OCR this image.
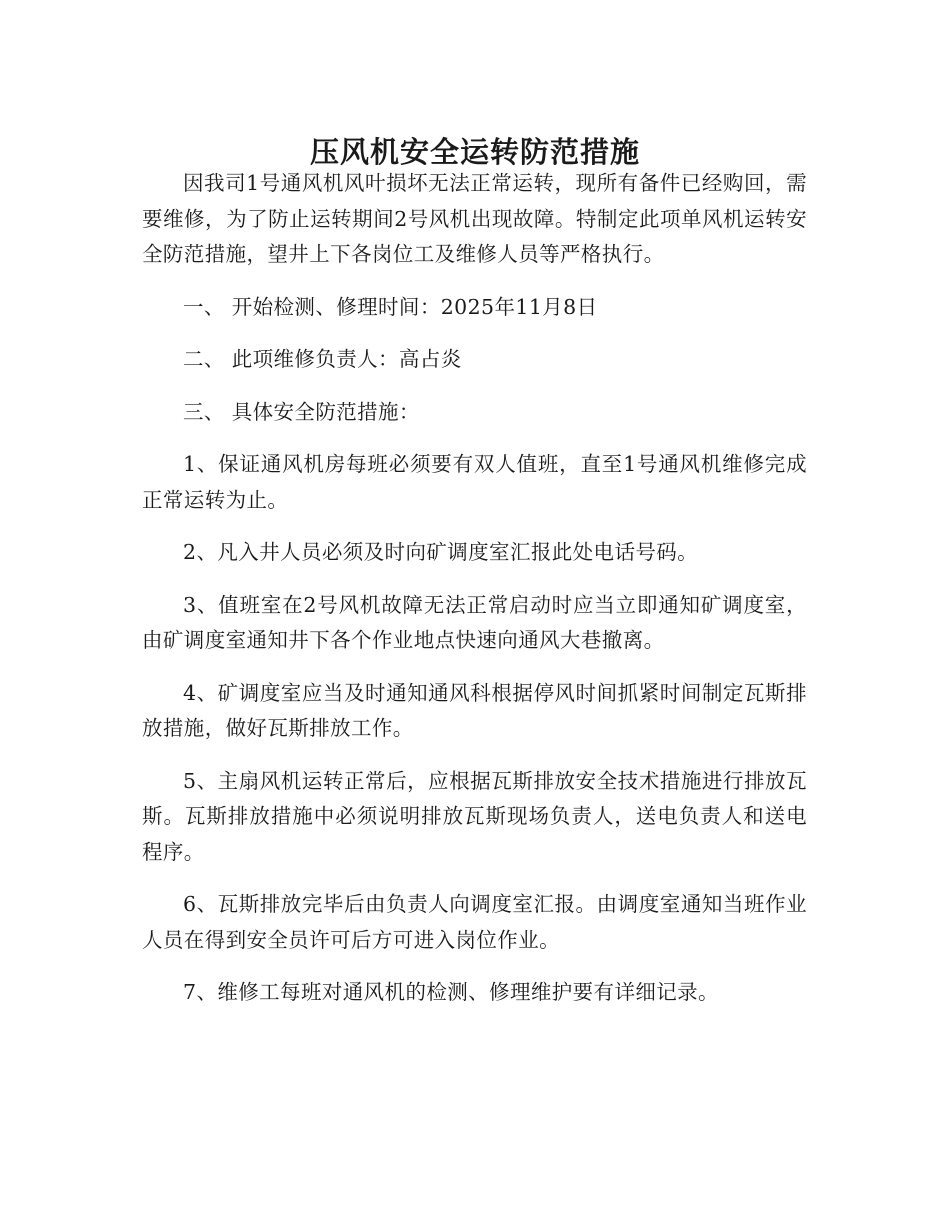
压风机安全运转防范措施

因我司1号通风机风叶损坏无法正常运转，现所有备件已经购回，需要维修，为了防止运转期间2号风机出现故障。特制定此项单风机运转安全防范措施，望井上下各岗位工及维修人员等严格执行。

一、 开始检测、修理时间：2025年11月8日

二、 此项维修负责人：高占炎

三、 具体安全防范措施：

1、保证通风机房每班必须要有双人值班，直至1号通风机维修完成正常运转为止。

2、凡入井人员必须及时向矿调度室汇报此处电话号码。

3、值班室在2号风机故障无法正常启动时应当立即通知矿调度室，由矿调度室通知井下各个作业地点快速向通风大巷撤离。

4、矿调度室应当及时通知通风科根据停风时间抓紧时间制定瓦斯排放措施，做好瓦斯排放工作。

5、主扇风机运转正常后，应根据瓦斯排放安全技术措施进行排放瓦斯。瓦斯排放措施中必须说明排放瓦斯现场负责人，送电负责人和送电程序。

6、瓦斯排放完毕后由负责人向调度室汇报。由调度室通知当班作业人员在得到安全员许可后方可进入岗位作业。

7、维修工每班对通风机的检测、修理维护要有详细记录。
